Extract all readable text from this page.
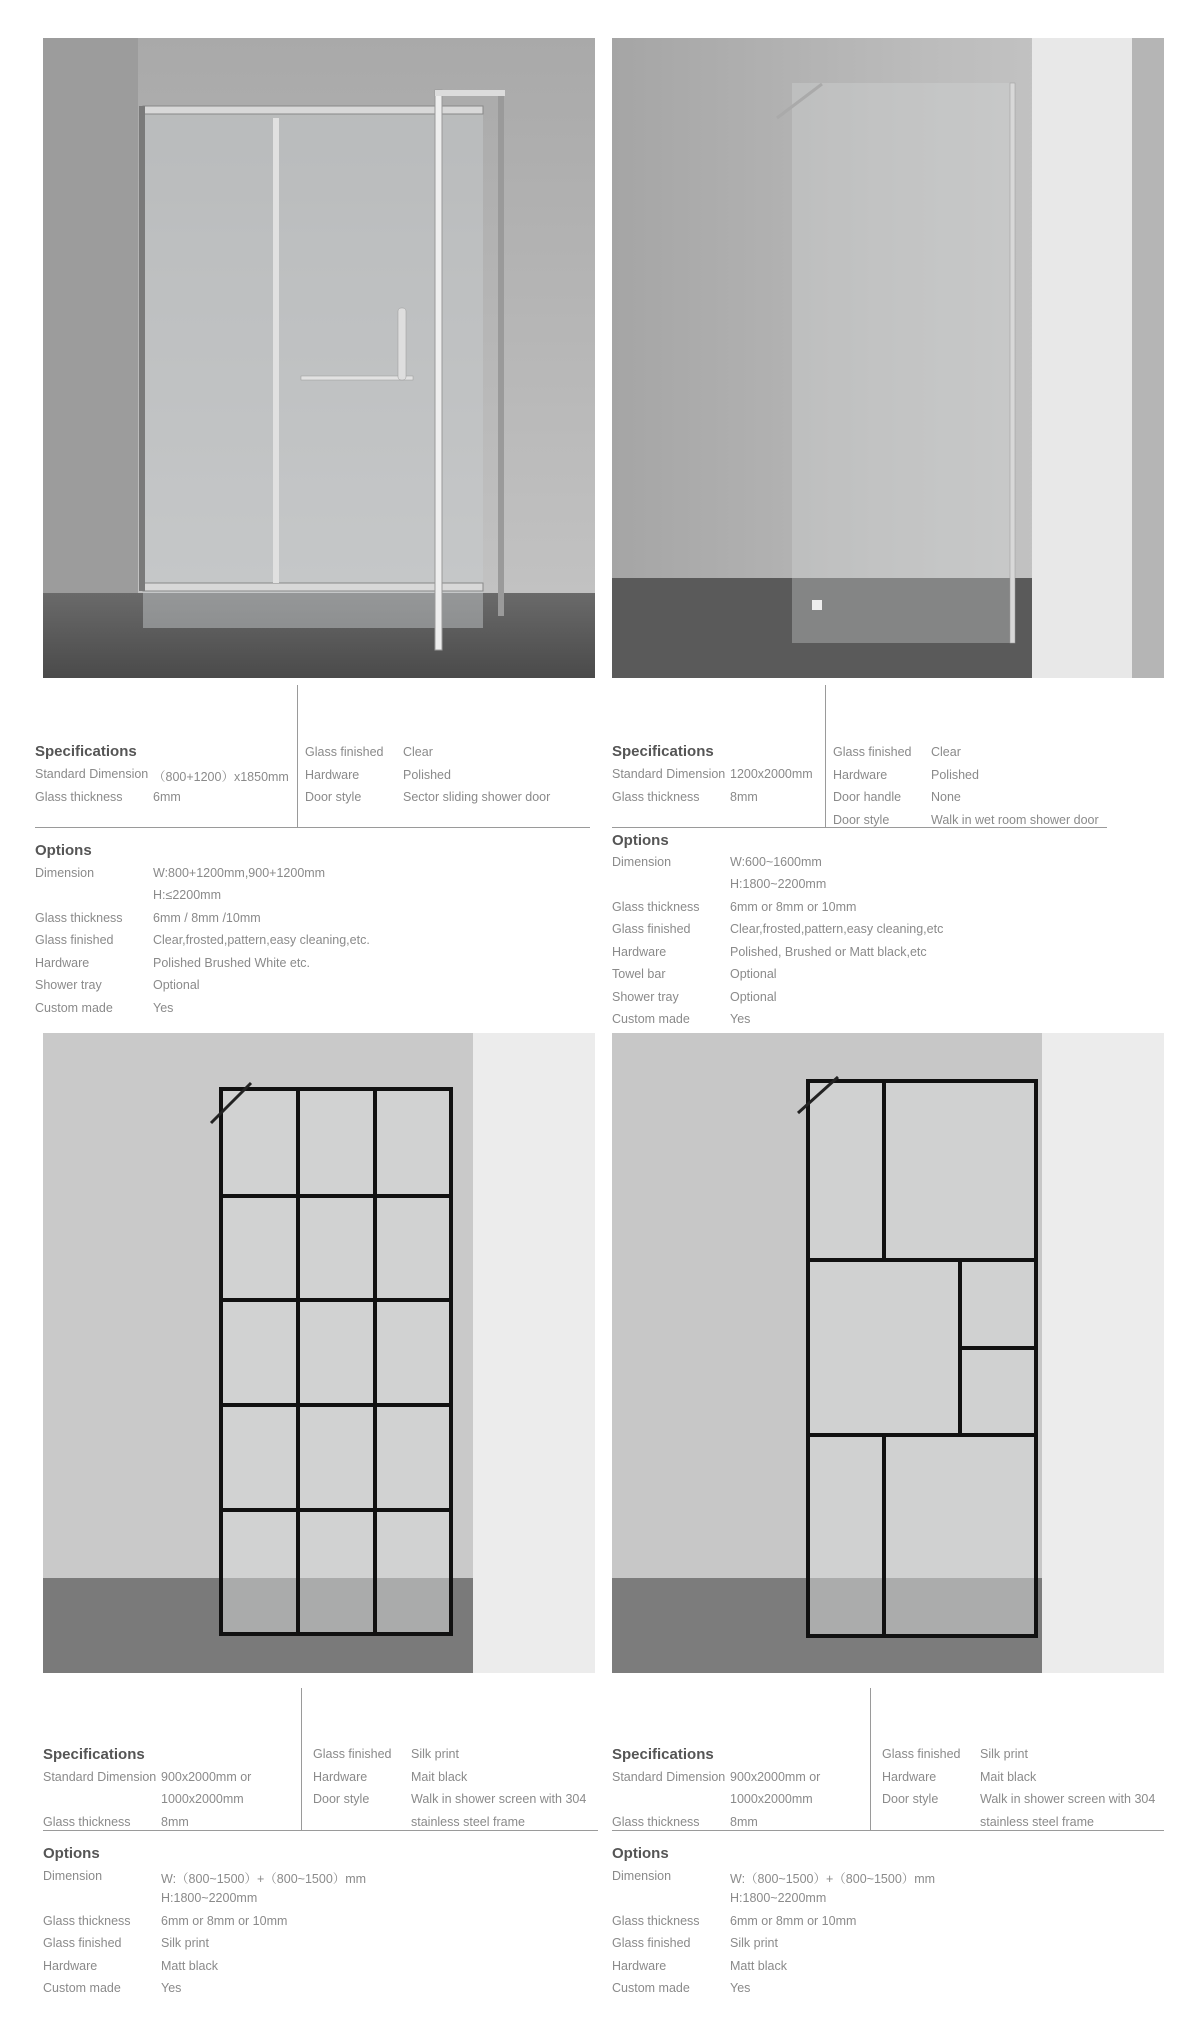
Specifications
Standard Dimension （800+1200）x1850mm
Glass thickness 6mm
Glass finished Clear
Hardware	Polished
Door style	Sector sliding shower door
Options
Dimension	W:800+1200mm,900+1200mm
H:≤2200mm
Glass thickness 6mm / 8mm /10mm
Glass finished	Clear,frosted,pattern,easy cleaning,etc.
Hardware	Polished Brushed White etc.
Shower tray	Optional
Custom made	Yes
Specifications
Standard Dimension 1200x2000mm
Glass thickness 8mm
Glass finished Clear
Hardware	Polished
Door handle None
Door style	Walk in wet room shower door
Options
Dimension	W:600~1600mm
H:1800~2200mm
Glass thickness 6mm or 8mm or 10mm
Glass finished	Clear,frosted,pattern,easy cleaning,etc
Hardware	Polished, Brushed or Matt black,etc
Towel bar	Optional
Shower tray	Optional
Custom made	Yes
Specifications
Standard Dimension 900x2000mm or
1000x2000mm
Glass thickness 8mm
Glass finished Silk print
Hardware	Mait black
Door style	Walk in shower screen with 304
stainless steel frame
Options
Dimension	W:（800~1500）+（800~1500）mm
H:1800~2200mm
Glass thickness 6mm or 8mm or 10mm
Glass finished	Silk print
Hardware	Matt black
Custom made	Yes
Specifications
Standard Dimension 900x2000mm or
1000x2000mm
Glass thickness 8mm
Glass finished Silk print
Hardware	Mait black
Door style	Walk in shower screen with 304
stainless steel frame
Options
Dimension	W:（800~1500）+（800~1500）mm
H:1800~2200mm
Glass thickness 6mm or 8mm or 10mm
Glass finished	Silk print
Hardware	Matt black
Custom made	Yes
